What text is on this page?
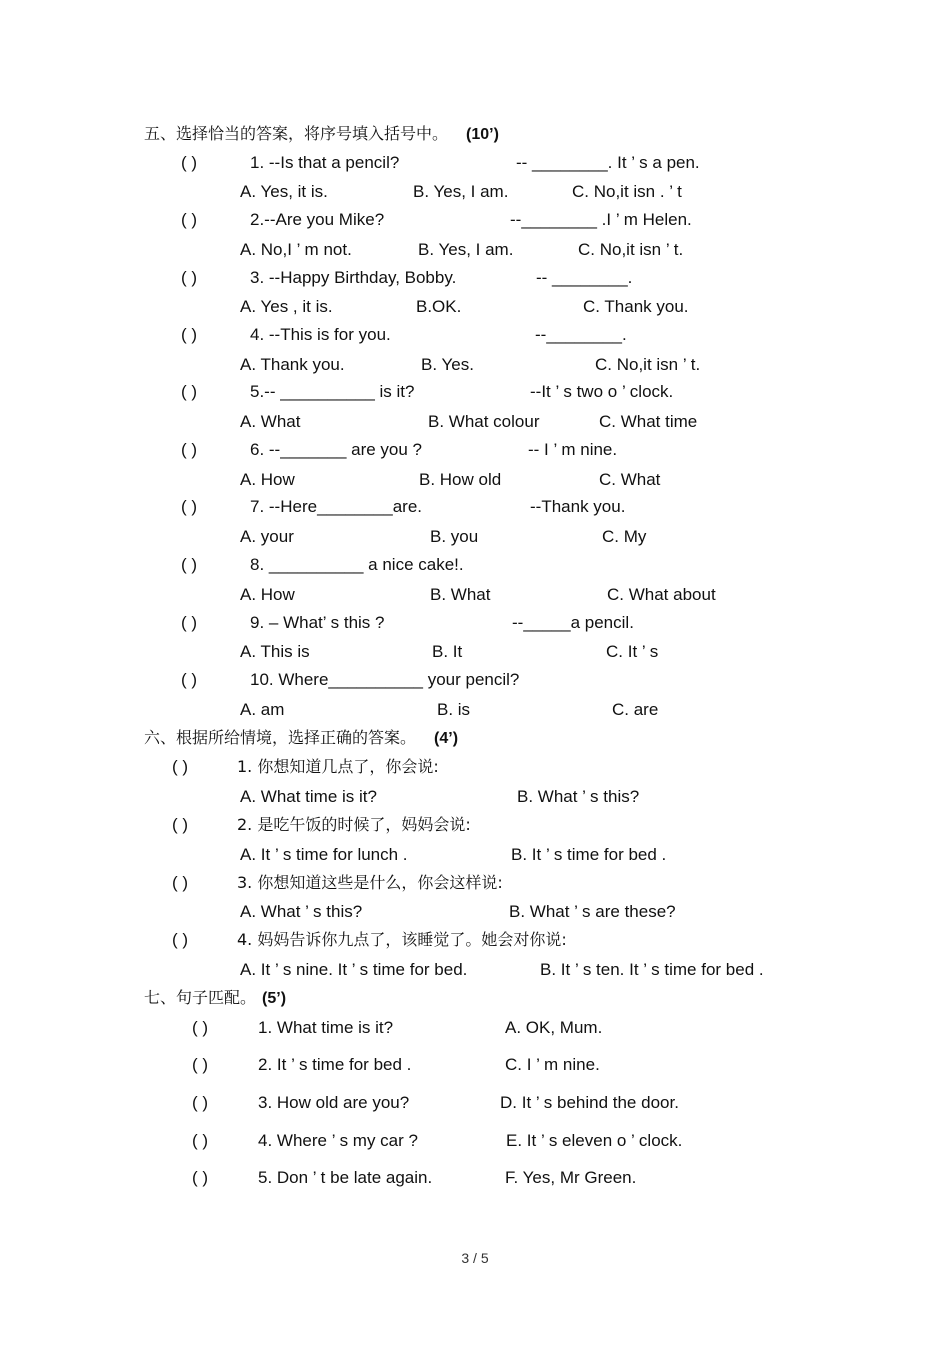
五、选择恰当的答案，将序号填入括号中。 (10’)
( )	1. --Is that a pencil?	-- ________. It ’ s a pen.
A. Yes, it is.	B. Yes, I am.	C. No,it isn . ’ t
( )	2.--Are you Mike?	--________ .I ’ m Helen.
A. No,I ’ m not.	B. Yes, I am.	C. No,it isn ’ t.
( )	3. --Happy Birthday, Bobby.	-- ________.
A. Yes , it is.	B.OK.	C. Thank you.
( )	4. --This is for you.	--________.
A. Thank you.	B. Yes.	C. No,it isn ’ t.
( )	5.-- __________ is it?	--It ’ s two o ’ clock.
A. What	B. What colour	C. What time
( )	6. --_______ are you ?	-- I ’ m nine.
A. How	B. How old	C. What
( )	7. --Here________are.	--Thank you.
A. your	B. you	C. My
( )	8. __________ a nice cake!.
A. How	B. What	C. What about
( )	9. – What’ s this ?	--_____a pencil.
A. This is	B. It	C. It ’ s
( )	10. Where__________ your pencil?
A. am	B. is	C. are
六、根据所给情境，选择正确的答案。 (4’)
( )	1. 你想知道几点了，你会说:
A. What time is it?	B. What ’ s this?
( )	2. 是吃午饭的时候了，妈妈会说:
A. It ’ s time for lunch .	B. It ’ s time for bed .
( )	3. 你想知道这些是什么，你会这样说:
A. What ’ s this?	B. What ’ s are these?
( )	4. 妈妈告诉你九点了，该睡觉了。她会对你说:
A. It ’ s nine. It ’ s time for bed.	B. It ’ s ten. It ’ s time for bed .
七、句子匹配。 (5’)
( )	1. What time is it?	A. OK, Mum.
( )	2. It ’ s time for bed .	C. I ’ m nine.
( )	3. How old are you?	D. It ’ s behind the door.
( )	4. Where ’ s my car ?	E. It ’ s eleven o ’ clock.
( )	5. Don ’ t be late again.	F. Yes, Mr Green.
3 / 5
